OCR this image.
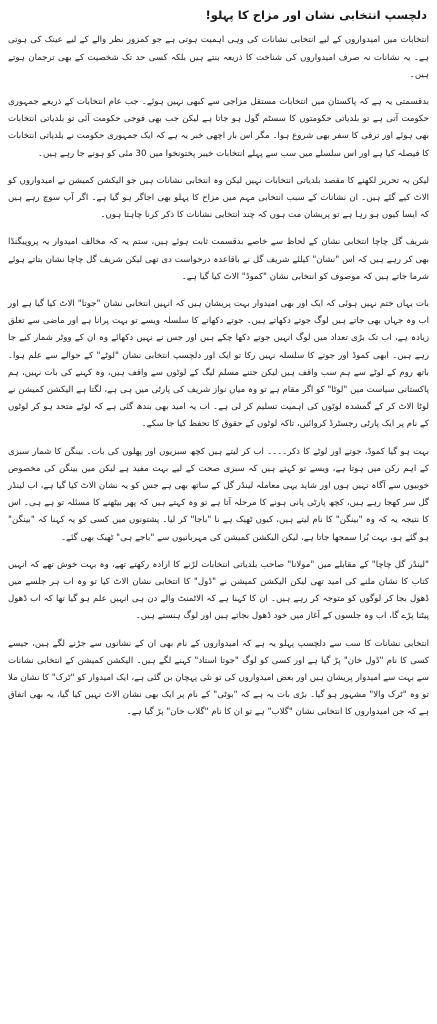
دلچسپ انتخابی نشان اور مزاح کا پہلو!

انتخابات میں امیدواروں کے لیے انتخابی نشانات کی وہی اہمیت ہوتی ہے جو کمزور نظر والے کے لیے عینک کی ہوتی ہے۔ یہ نشانات نہ صرف امیدواروں کی شناخت کا ذریعہ بنتے ہیں بلکہ کسی حد تک شخصیت کے بھی ترجمان ہوتے ہیں۔

بدقسمتی یہ ہے کہ پاکستان میں انتخابات مستقل مزاجی سے کبھی نہیں ہوئے۔ جب عام انتخابات کے ذریعے جمہوری حکومت آتی ہے تو بلدیاتی حکومتوں کا سسٹم گول ہو جاتا ہے لیکن جب بھی فوجی حکومت آئی تو بلدیاتی انتخابات بھی ہوئے اور ترقی کا سفر بھی شروع ہوا۔ مگر اس بار اچھی خبر یہ ہے کہ ایک جمہوری حکومت نے بلدیاتی انتخابات کا فیصلہ کیا ہے اور اس سلسلے میں سب سے پہلے انتخابات خیبر پختونخوا میں 30 مئی کو ہونے جا رہے ہیں۔

لیکن یہ تحریر لکھنے کا مقصد بلدیاتی انتخابات نہیں لیکن وہ انتخابی نشانات ہیں جو الیکشن کمیشن نے امیدواروں کو الاٹ کیے گئے ہیں۔ ان نشانات کے سبب انتخابی مہم میں مزاح کا پہلو بھی اجاگر ہو گیا ہے۔ اگر آپ سوچ رہے ہیں کہ ایسا کیوں ہو رہا ہے تو پریشان مت ہوں کہ چند انتخابی نشانات کا ذکر کرنا چاہتا ہوں۔

شریف گل چاچا انتخابی نشان کے لحاظ سے خاصے بدقسمت ثابت ہوئے ہیں، ستم یہ کہ مخالف امیدوار یہ پروپیگنڈا بھی کر رہے ہیں کہ اس "نشان" کیلئے شریف گل نے باقاعدہ درخواست دی تھی لیکن شریف گل چاچا نشان بتاتے ہوئے شرما جاتے ہیں کہ موصوف کو انتخابی نشان "کموڈ" الاٹ کیا گیا ہے۔

بات یہاں ختم نہیں ہوئی کہ ایک اور بھی امیدوار بہت پریشان ہیں کہ انہیں انتخابی نشان "جوتا" الاٹ کیا گیا ہے اور اب وہ جہاں بھی جاتے ہیں لوگ جوتے دکھاتے ہیں۔ جوتے دکھانے کا سلسلہ ویسے تو بہت پرانا ہے اور ماضی سے تعلق زیادہ ہے، اب تک بڑی تعداد میں لوگ انہیں جوتے دکھا چکے ہیں اور جس نے نہیں دکھائے وہ ان کے ووٹر شمار کیے جا رہے ہیں۔ ابھی کموڈ اور جوتے کا سلسلہ نہیں رکا تو ایک اور دلچسپ انتخابی نشان "لوٹے" کے حوالے سے علم ہوا۔ باتھ روم کے لوٹے سے ہم سب واقف ہیں لیکن جتنے مسلم لیگ کے لوٹوں سے واقف ہیں، وہ کہنے کی بات نہیں، ہم پاکستانی سیاست میں "لوٹا" کو اگر مقام ہے تو وہ میاں نواز شریف کی پارٹی میں ہی ہے، لگتا ہے الیکشن کمیشن نے لوٹا الاٹ کر کے گمشدہ لوٹوں کی اہمیت تسلیم کر لی ہے۔ اب یہ امید بھی بندھ گئی ہے کہ لوٹے متحد ہو کر لوٹوں کے نام پر ایک پارٹی رجسٹرڈ کروائیں، تاکہ لوٹوں کے حقوق کا تحفظ کیا جا سکے۔

بہت ہو گیا کموڈ، جوتے اور لوٹے کا ذکر۔۔۔۔ اب کر لیتے ہیں کچھ سبزیوں اور پھلوں کی بات۔ بینگن کا شمار سبزی کے اہم رکن میں ہوتا ہے، ویسے تو کہتے ہیں کہ سبزی صحت کے لیے بہت مفید ہے لیکن میں بینگن کی مخصوص خوبیوں سے آگاہ نہیں ہوں اور شاید یہی معاملہ لینڈر گل کے ساتھ بھی ہے جس کو یہ نشان الاٹ کیا گیا ہے، اب لینڈر گل سر کھجا رہے ہیں، کچھ پارٹی پانی ہونے کا مرحلہ آتا ہے تو وہ کہتے ہیں کہ پھر بیٹھنے کا مسئلہ تو ہے ہی۔ اس کا نتیجہ یہ کہ وہ "بینگن" کا نام لیتے ہیں، کیوں ٹھیک ہے نا "باجا" کر لیا۔ پشتونوں میں کسی کو یہ کہنا کہ "بینگن" ہو گئے ہو، بہت بُرا سمجھا جاتا ہے، لیکن الیکشن کمیشن کی مہربانیوں سے "باجے ہی" ٹھیک بھی گئے۔

"لینڈر گل چاچا" کے مقابلے میں "مولانا" صاحب بلدیاتی انتخابات لڑنے کا ارادہ رکھتے تھے، وہ بہت خوش تھے کہ انہیں کتاب کا نشان ملنے کی امید تھی لیکن الیکشن کمیشن نے "ڈول" کا انتخابی نشان الاٹ کیا تو وہ اب ہر جلسے میں ڈھول بجا کر لوگوں کو متوجہ کر رہے ہیں۔ ان کا کہنا ہے کہ الاٹمنٹ والے دن ہی انہیں علم ہو گیا تھا کہ اب ڈھول پیٹنا پڑے گا، اب وہ جلسوں کے آغاز میں خود ڈھول بجاتے ہیں اور لوگ ہنستے ہیں۔

انتخابی نشانات کا سب سے دلچسپ پہلو یہ ہے کہ امیدواروں کے نام بھی ان کے نشانوں سے جڑنے لگے ہیں، جیسے کسی کا نام "ڈول خان" پڑ گیا ہے اور کسی کو لوگ "جوتا استاد" کہنے لگے ہیں۔ الیکشن کمیشن کے انتخابی نشانات سے بہت سے امیدوار پریشان ہیں اور بعض امیدواروں کی تو نئی پہچان بن گئی ہے، ایک امیدوار کو "ٹرک" کا نشان ملا تو وہ "ٹرک والا" مشہور ہو گیا۔ بڑی بات یہ ہے کہ "بوٹی" کے نام پر ایک بھی نشان الاٹ نہیں کیا گیا، یہ بھی اتفاق ہے کہ جن امیدواروں کا انتخابی نشان "گلاب" ہے تو ان کا نام "گلاب خان" پڑ گیا ہے۔
